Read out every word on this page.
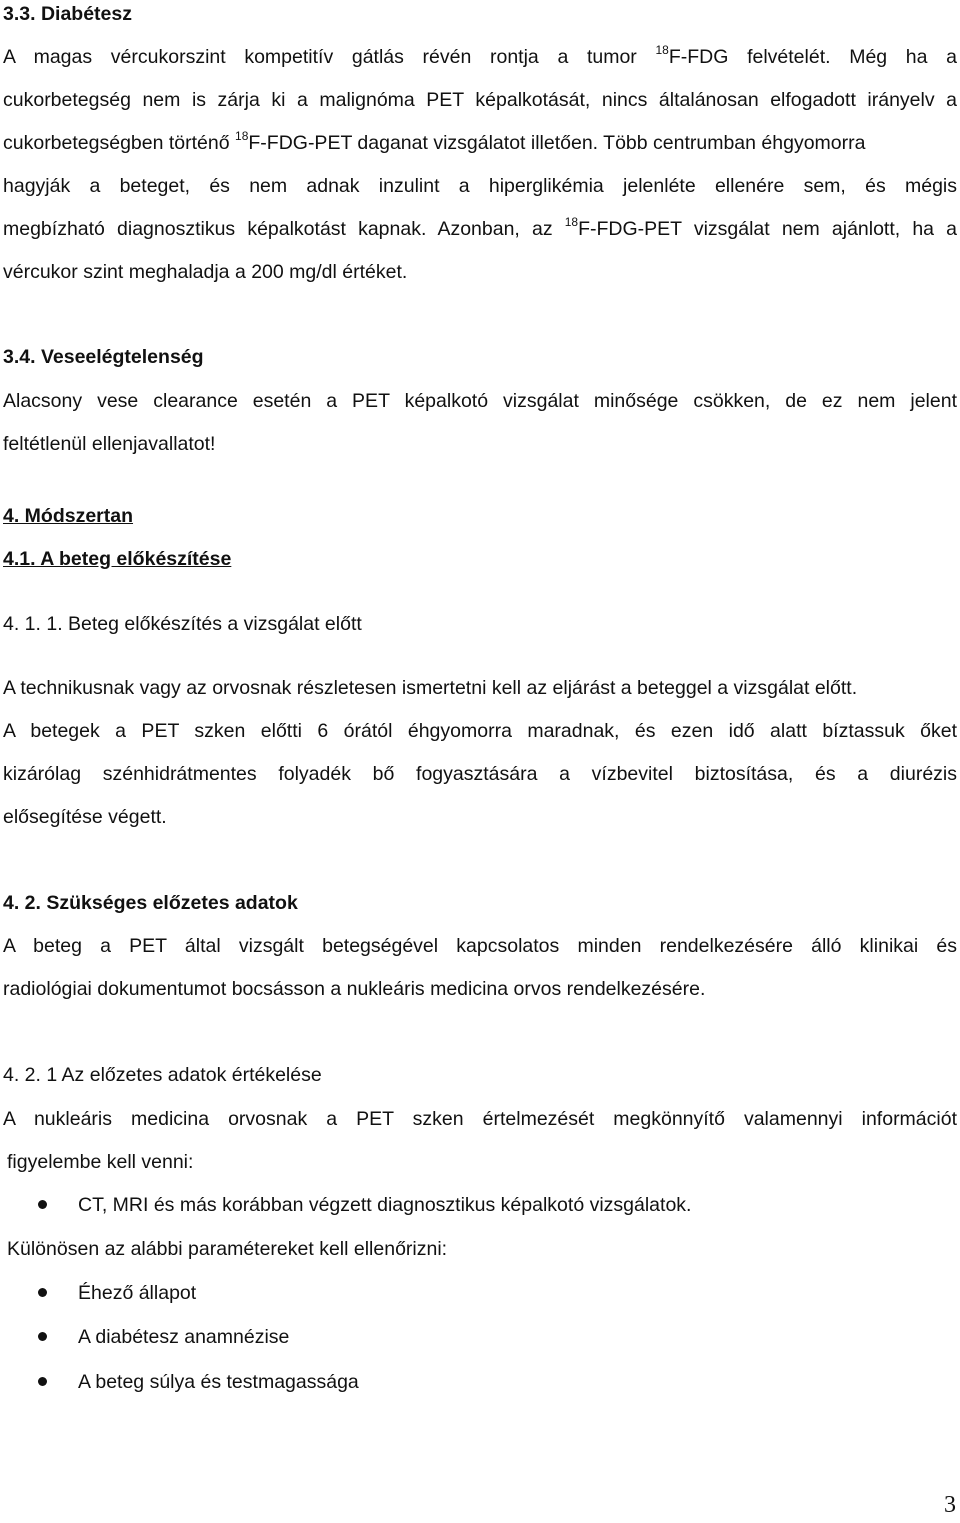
3.3. Diabétesz
A magas vércukorszint kompetitív gátlás révén rontja a tumor $^{18}$F-FDG felvételét. Még ha a
cukorbetegség nem is zárja ki a malignóma PET képalkotását, nincs általánosan elfogadott irányelv a
cukorbetegségben történő $^{18}$F-FDG-PET daganat vizsgálatot illetően. Több centrumban éhgyomorra
hagyják a beteget, és nem adnak inzulint a hiperglikémia jelenléte ellenére sem, és mégis
megbízható diagnosztikus képalkotást kapnak. Azonban, az $^{18}$F-FDG-PET vizsgálat nem ajánlott, ha a
vércukor szint meghaladja a 200 mg/dl értéket.
3.4. Veseelégtelenség
Alacsony vese clearance esetén a PET képalkotó vizsgálat minősége csökken, de ez nem jelent
feltétlenül ellenjavallatot!
4. Módszertan
4.1. A beteg előkészítése
4. 1. 1. Beteg előkészítés a vizsgálat előtt
A technikusnak vagy az orvosnak részletesen ismertetni kell az eljárást a beteggel a vizsgálat előtt.
A betegek a PET szken előtti 6 órától éhgyomorra maradnak, és ezen idő alatt bíztassuk őket
kizárólag szénhidrátmentes folyadék bő fogyasztására a vízbevitel biztosítása, és a diurézis
elősegítése végett.
4. 2. Szükséges előzetes adatok
A beteg a PET által vizsgált betegségével kapcsolatos minden rendelkezésére álló klinikai és
radiológiai dokumentumot bocsásson a nukleáris medicina orvos rendelkezésére.
4. 2. 1 Az előzetes adatok értékelése
A nukleáris medicina orvosnak a PET szken értelmezését megkönnyítő valamennyi információt
figyelembe kell venni:
CT, MRI és más korábban végzett diagnosztikus képalkotó vizsgálatok.
Különösen az alábbi paramétereket kell ellenőrizni:
Éhező állapot
A diabétesz anamnézise
A beteg súlya és testmagassága
3
